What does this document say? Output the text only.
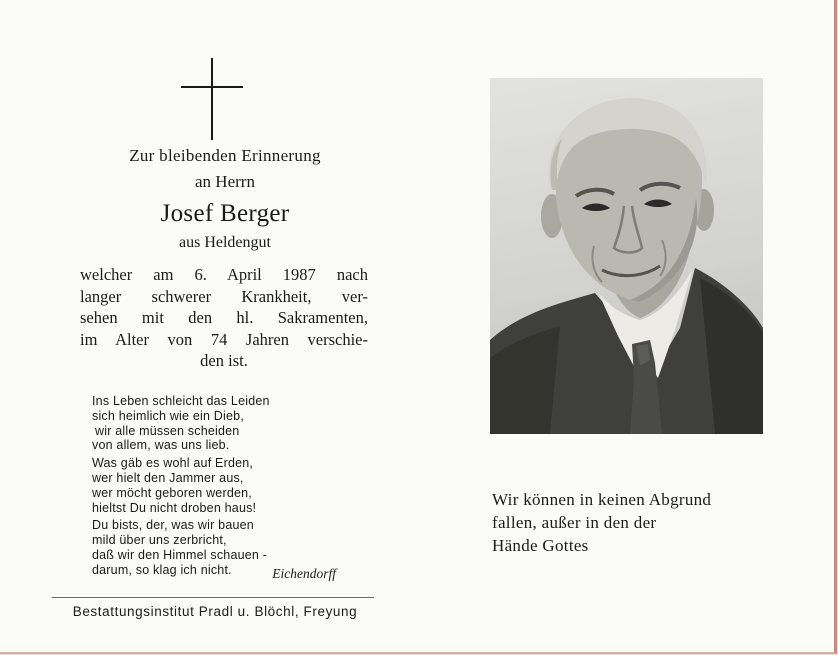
Zur bleibenden Erinnerung
an Herrn
Josef Berger
aus Heldengut
welcher am 6. April 1987 nach
langer schwerer Krankheit, ver-
sehen mit den hl. Sakramenten,
im Alter von 74 Jahren verschie-
den ist.
Ins Leben schleicht das Leiden
sich heimlich wie ein Dieb,
wir alle müssen scheiden
von allem, was uns lieb.
Was gäb es wohl auf Erden,
wer hielt den Jammer aus,
wer möcht geboren werden,
hieltst Du nicht droben haus!
Du bists, der, was wir bauen
mild über uns zerbricht,
daß wir den Himmel schauen -
darum, so klag ich nicht.	Eichendorff
Bestattungsinstitut Pradl u. Blöchl, Freyung
Wir können in keinen Abgrund
fallen, außer in den der
Hände Gottes
